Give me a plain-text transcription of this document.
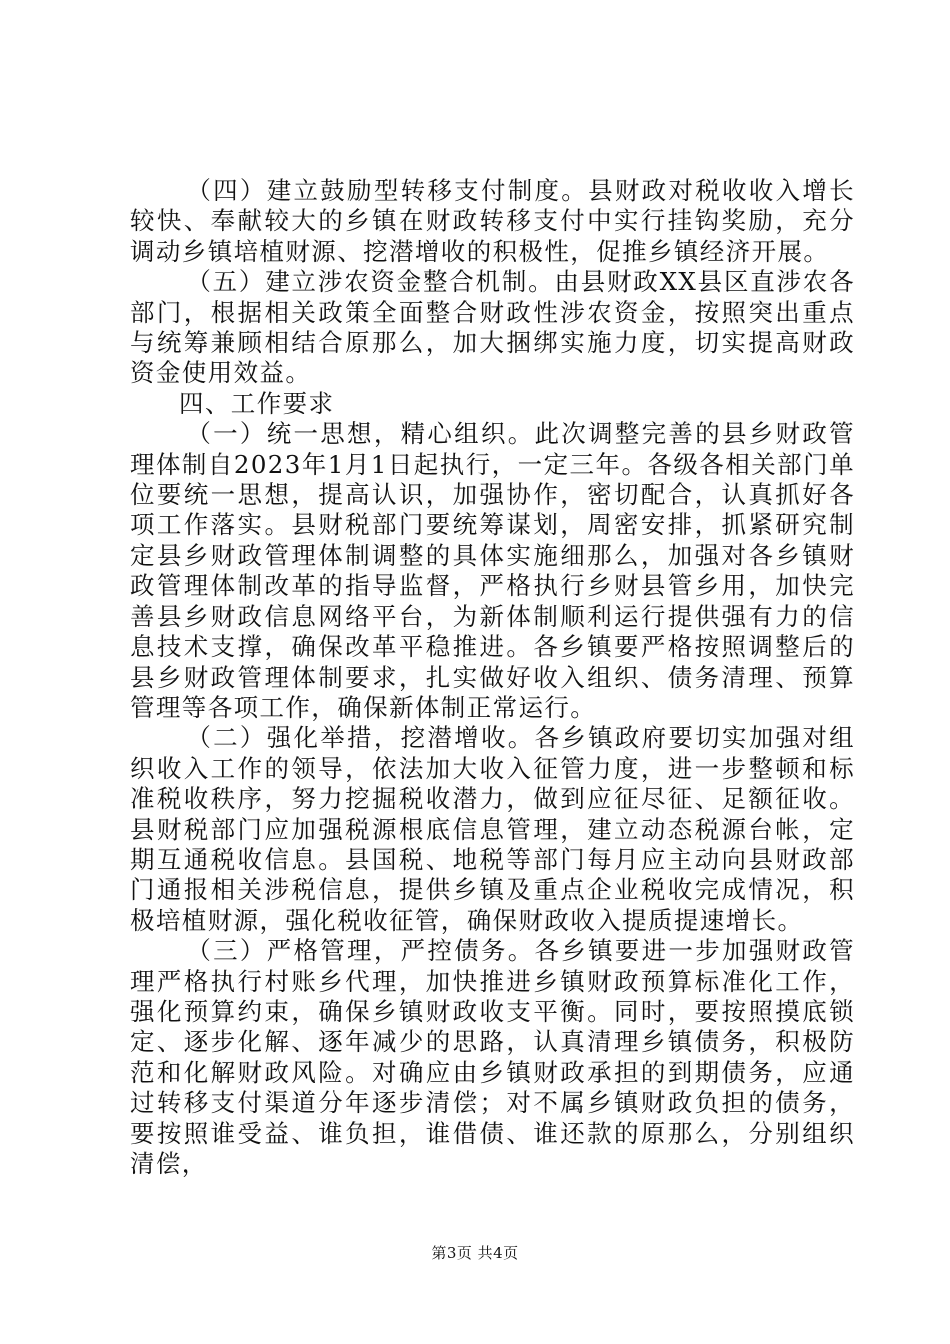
（四）建立鼓励型转移支付制度。县财政对税收收入增长较快、奉献较大的乡镇在财政转移支付中实行挂钩奖励，充分调动乡镇培植财源、挖潜增收的积极性，促推乡镇经济开展。

（五）建立涉农资金整合机制。由县财政XX县区直涉农各部门，根据相关政策全面整合财政性涉农资金，按照突出重点与统筹兼顾相结合原那么，加大捆绑实施力度，切实提高财政资金使用效益。

四、工作要求

（一）统一思想，精心组织。此次调整完善的县乡财政管理体制自2023年1月1日起执行，一定三年。各级各相关部门单位要统一思想，提高认识，加强协作，密切配合，认真抓好各项工作落实。县财税部门要统筹谋划，周密安排，抓紧研究制定县乡财政管理体制调整的具体实施细那么，加强对各乡镇财政管理体制改革的指导监督，严格执行乡财县管乡用，加快完善县乡财政信息网络平台，为新体制顺利运行提供强有力的信息技术支撑，确保改革平稳推进。各乡镇要严格按照调整后的县乡财政管理体制要求，扎实做好收入组织、债务清理、预算管理等各项工作，确保新体制正常运行。

（二）强化举措，挖潜增收。各乡镇政府要切实加强对组织收入工作的领导，依法加大收入征管力度，进一步整顿和标准税收秩序，努力挖掘税收潜力，做到应征尽征、足额征收。县财税部门应加强税源根底信息管理，建立动态税源台帐，定期互通税收信息。县国税、地税等部门每月应主动向县财政部门通报相关涉税信息，提供乡镇及重点企业税收完成情况，积极培植财源，强化税收征管，确保财政收入提质提速增长。

（三）严格管理，严控债务。各乡镇要进一步加强财政管理严格执行村账乡代理，加快推进乡镇财政预算标准化工作，强化预算约束，确保乡镇财政收支平衡。同时，要按照摸底锁定、逐步化解、逐年减少的思路，认真清理乡镇债务，积极防范和化解财政风险。对确应由乡镇财政承担的到期债务，应通过转移支付渠道分年逐步清偿；对不属乡镇财政负担的债务，要按照谁受益、谁负担，谁借债、谁还款的原那么，分别组织清偿，

第3页 共4页
